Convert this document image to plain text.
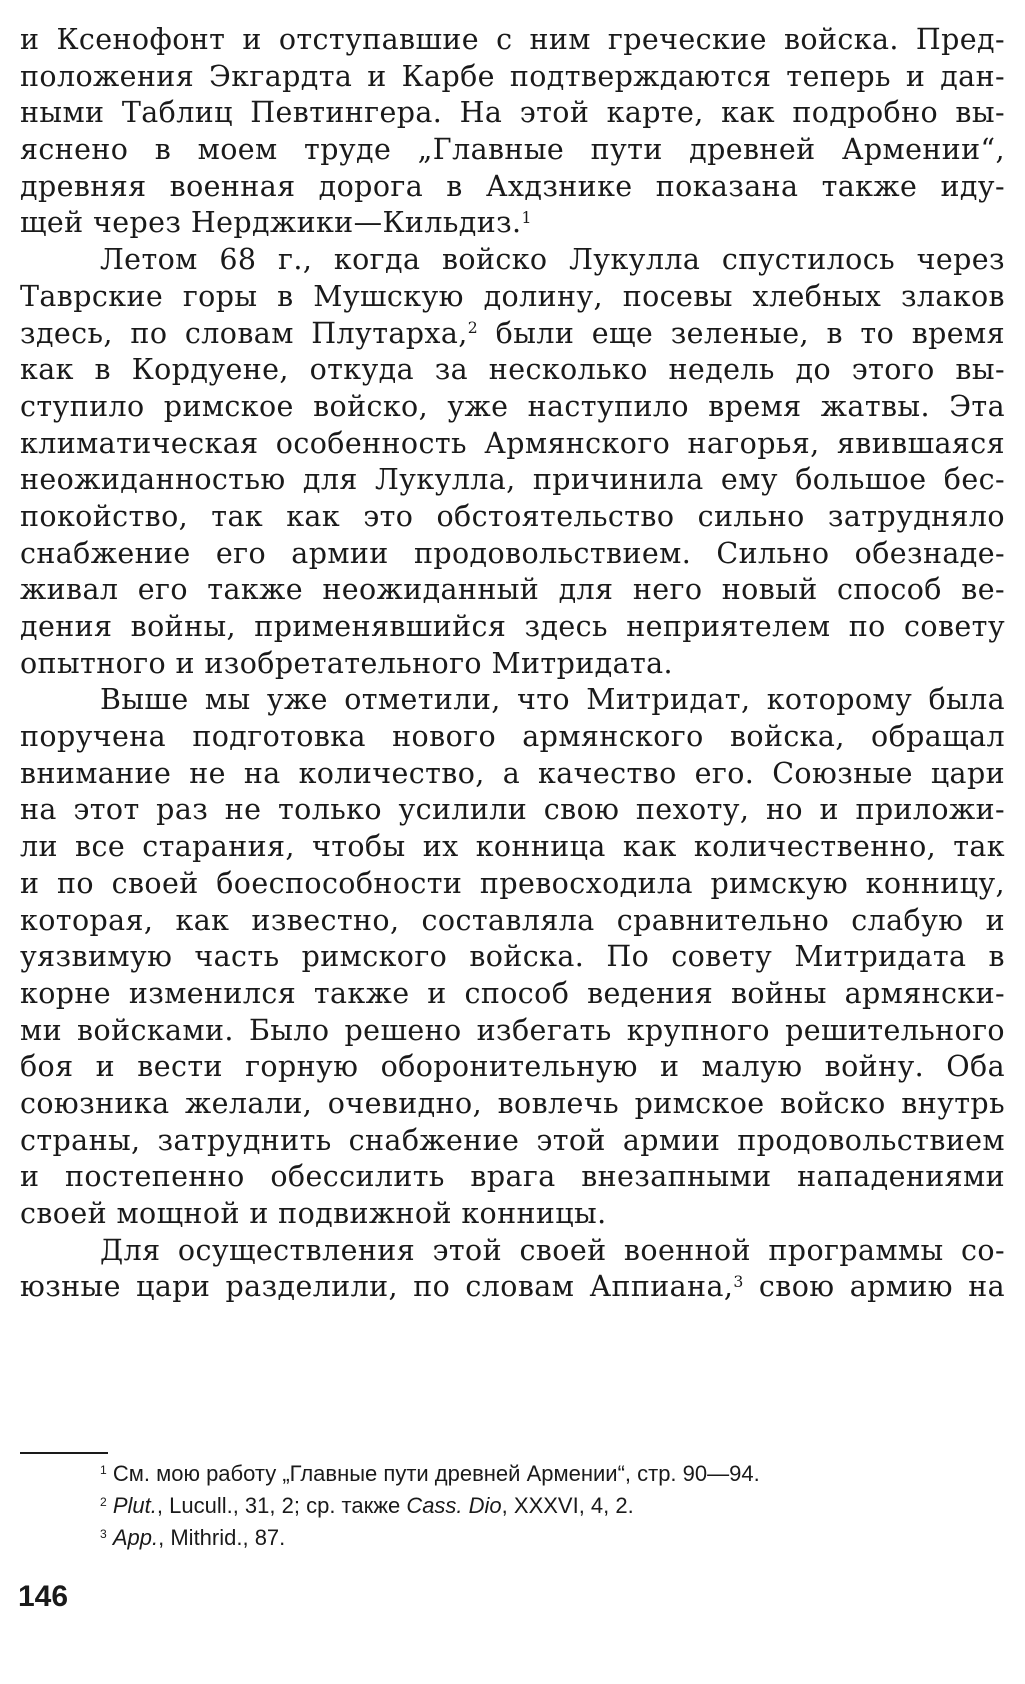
и Ксенофонт и отступавшие с ним греческие войска. Пред-
положения Экгардта и Карбе подтверждаются теперь и дан-
ными Таблиц Певтингера. На этой карте, как подробно вы-
яснено в моем труде „Главные пути древней Армении“,
древняя военная дорога в Ахдзнике показана также иду-
щей через Нерджики—Кильдиз.$^1$
Летом 68 г., когда войско Лукулла спустилось через
Таврские горы в Мушскую долину, посевы хлебных злаков
здесь, по словам Плутарха,$^2$ были еще зеленые, в то время
как в Кордуене, откуда за несколько недель до этого вы-
ступило римское войско, уже наступило время жатвы. Эта
климатическая особенность Армянского нагорья, явившаяся
неожиданностью для Лукулла, причинила ему большое бес-
покойство, так как это обстоятельство сильно затрудняло
снабжение его армии продовольствием. Сильно обезнаде-
живал его также неожиданный для него новый способ ве-
дения войны, применявшийся здесь неприятелем по совету
опытного и изобретательного Митридата.
Выше мы уже отметили, что Митридат, которому была
поручена подготовка нового армянского войска, обращал
внимание не на количество, а качество его. Союзные цари
на этот раз не только усилили свою пехоту, но и приложи-
ли все старания, чтобы их конница как количественно, так
и по своей боеспособности превосходила римскую конницу,
которая, как известно, составляла сравнительно слабую и
уязвимую часть римского войска. По совету Митридата в
корне изменился также и способ ведения войны армянски-
ми войсками. Было решено избегать крупного решительного
боя и вести горную оборонительную и малую войну. Оба
союзника желали, очевидно, вовлечь римское войско внутрь
страны, затруднить снабжение этой армии продовольствием
и постепенно обессилить врага внезапными нападениями
своей мощной и подвижной конницы.
Для осуществления этой своей военной программы со-
юзные цари разделили, по словам Аппиана,$^3$ свою армию на
$^1$ См. мою работу „Главные пути древней Армении“, стр. 90—94.
$^2$ Plut., Lucull., 31, 2; ср. также Cass. Dio, XXXVI, 4, 2.
$^3$ App., Mithrid., 87.
146
